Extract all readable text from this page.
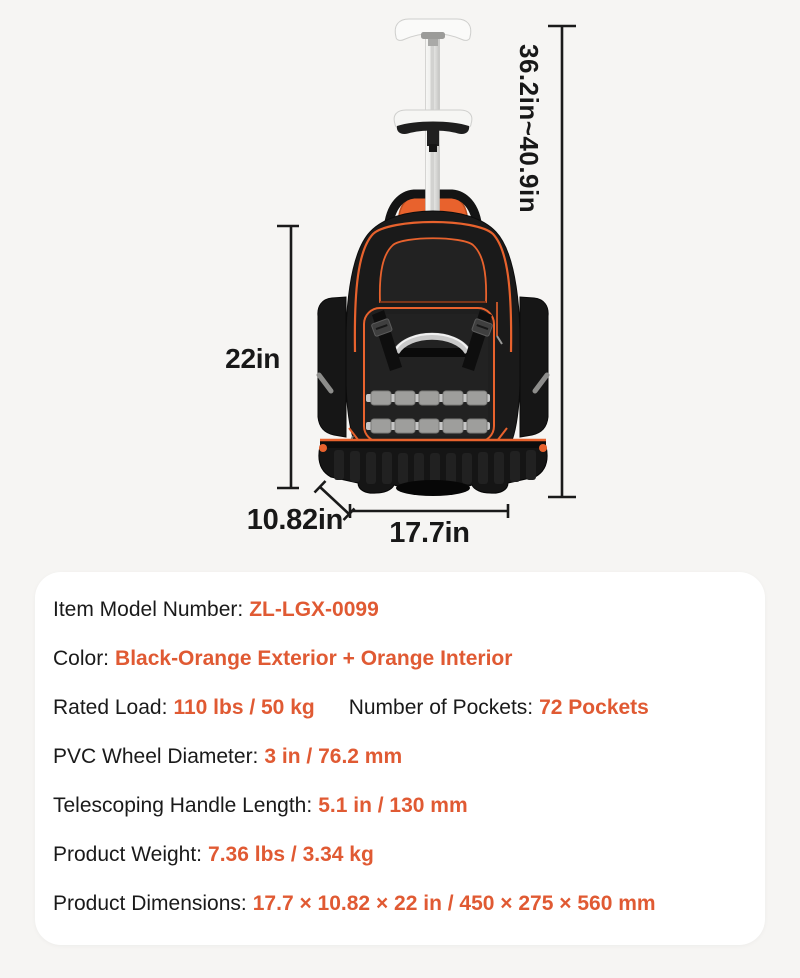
22in
36.2in~40.9in
10.82in	17.7in

Item Model Number: ZL-LGX-0099

Color: Black-Orange Exterior + Orange Interior

Rated Load: 110 lbs / 50 kg Number of Pockets: 72 Pockets

PVC Wheel Diameter: 3 in / 76.2 mm

Telescoping Handle Length: 5.1 in / 130 mm

Product Weight: 7.36 lbs / 3.34 kg

Product Dimensions: 17.7 × 10.82 × 22 in / 450 × 275 × 560 mm
